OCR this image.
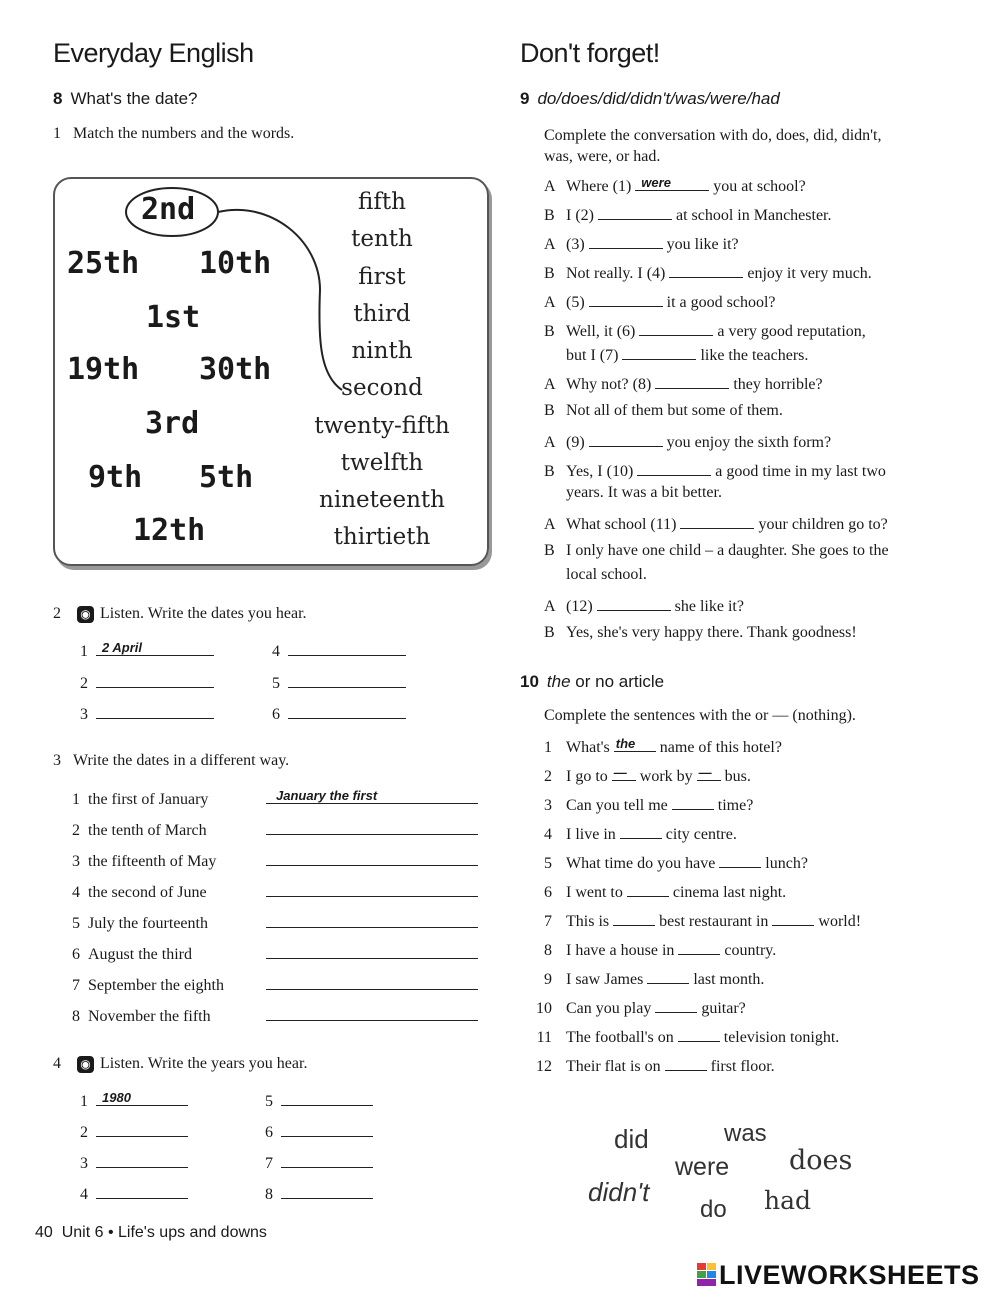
Everyday English
8 What's the date?
1 Match the numbers and the words.
2nd
25th 10th
1st
19th 30th
3rd
9th 5th
12th
fifth
tenth
first
third
ninth
second
twenty-fifth
twelfth
nineteenth
thirtieth
2 ◉ Listen. Write the dates you hear.
1 2 April	4
2	5
3	6
3 Write the dates in a different way.
1 the first of January	January the first
2 the tenth of March
3 the fifteenth of May
4 the second of June
5 July the fourteenth
6 August the third
7 September the eighth
8 November the fifth
4 ◉ Listen. Write the years you hear.
1 1980	5
2	6
3	7
4	8
40 Unit 6 • Life's ups and downs
Don't forget!
9 do/does/did/didn't/was/were/had
Complete the conversation with do, does, did, didn't,
was, were, or had.
A Where (1) were	you at school?
B I (2)	at school in Manchester.
A (3)	you like it?
B Not really. I (4)	enjoy it very much.
A (5)	it a good school?
B Well, it (6)	a very good reputation,
but I (7)	like the teachers.
A Why not? (8)	they horrible?
B Not all of them but some of them.
A (9)	you enjoy the sixth form?
B Yes, I (10)	a good time in my last two
years. It was a bit better.
A What school (11)	your children go to?
B I only have one child – a daughter. She goes to the
local school.
A (12)	she like it?
B Yes, she's very happy there. Thank goodness!
10 the or no article
Complete the sentences with the or — (nothing).
1 What's the name of this hotel?
2 I go to — work by — bus.
3 Can you tell me	time?
4 I live in	city centre.
5 What time do you have	lunch?
6 I went to	cinema last night.
7 This is	best restaurant in	world!
8 I have a house in	country.
9 I saw James	last month.
10 Can you play	guitar?
11 The football's on	television tonight.
12 Their flat is on	first floor.
did	was
were does
didn't	had
do
LIVEWORKSHEETS
